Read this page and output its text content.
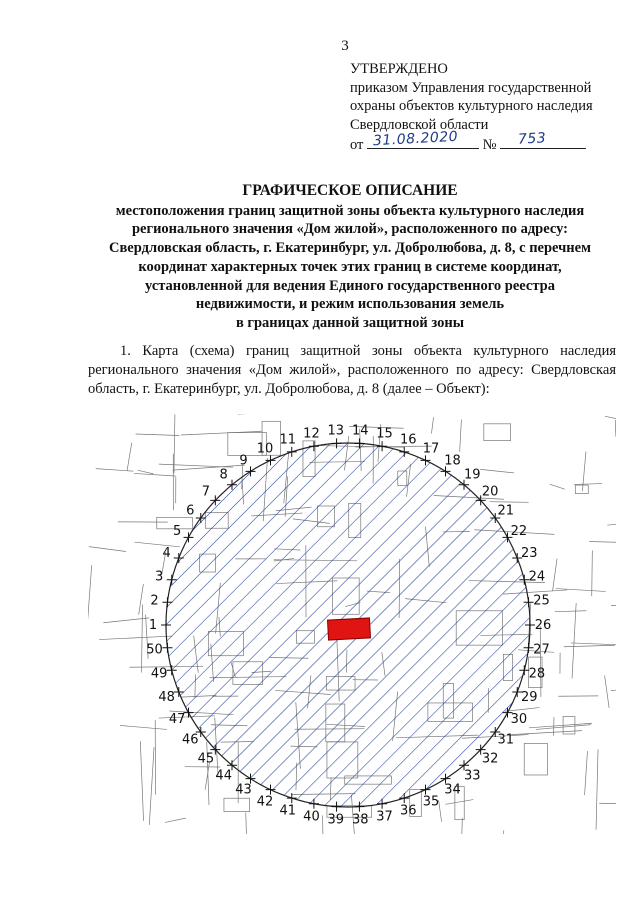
3
УТВЕРЖДЕНО
приказом Управления государственной
охраны объектов культурного наследия
Свердловской области
от 31.08.2020 № 753
ГРАФИЧЕСКОЕ ОПИСАНИЕ
местоположения границ защитной зоны объекта культурного наследия
регионального значения «Дом жилой», расположенного по адресу:
Свердловская область, г. Екатеринбург, ул. Добролюбова, д. 8, с перечнем
координат характерных точек этих границ в системе координат,
установленной для ведения Единого государственного реестра
недвижимости, и режим использования земель
в границах данной защитной зоны
1. Карта (схема) границ защитной зоны объекта культурного наследия регионального значения «Дом жилой», расположенного по адресу: Свердловская область, г. Екатеринбург, ул. Добролюбова, д. 8 (далее – Объект):
1
2
3
4
5
6
7
8
9
10
11 12 13 14 15 16
17
18
19
20
21
22
23
24
25
26
27
28
29
30
31
32
33
34
35
36
37
38
39
40
41
42
43
44
45
46
47
48
49
50
